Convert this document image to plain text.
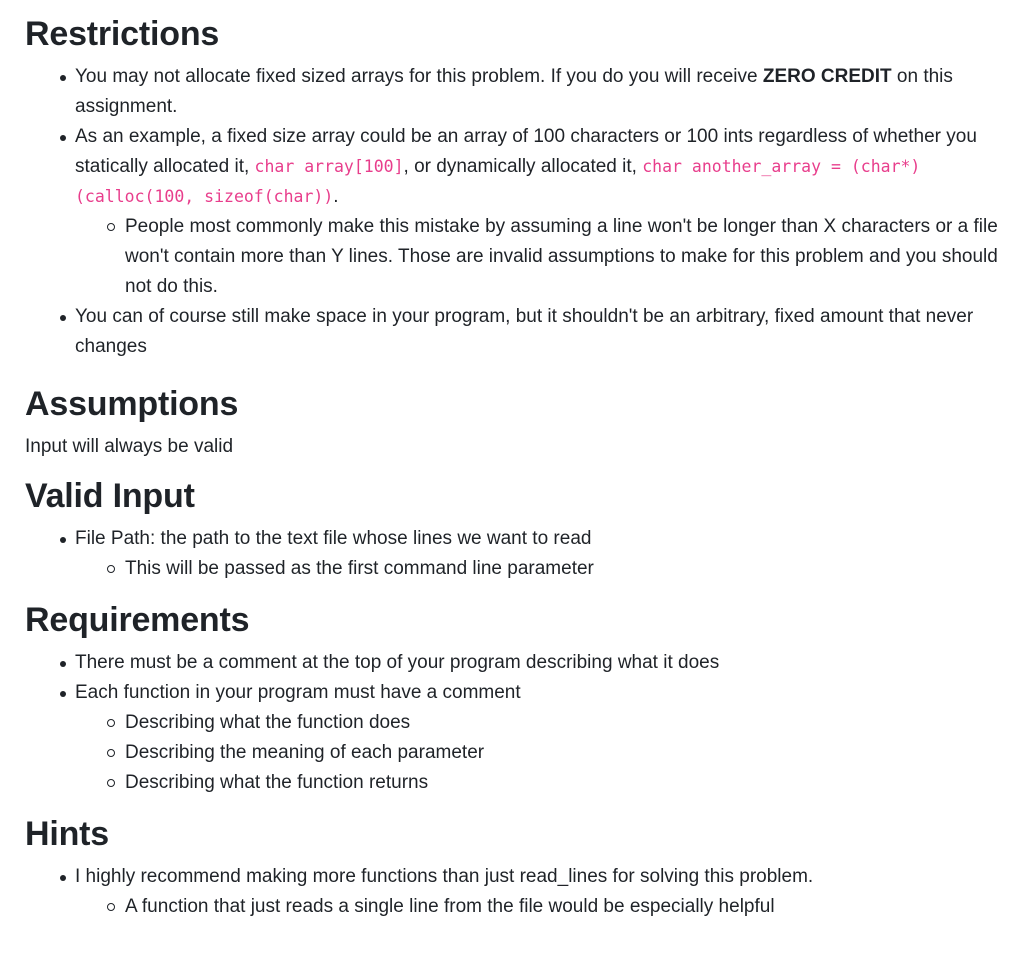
Restrictions
You may not allocate fixed sized arrays for this problem. If you do you will receive ZERO CREDIT on this assignment.
As an example, a fixed size array could be an array of 100 characters or 100 ints regardless of whether you statically allocated it, char array[100], or dynamically allocated it, char another_array = (char*)(calloc(100, sizeof(char)).
People most commonly make this mistake by assuming a line won't be longer than X characters or a file won't contain more than Y lines. Those are invalid assumptions to make for this problem and you should not do this.
You can of course still make space in your program, but it shouldn't be an arbitrary, fixed amount that never changes
Assumptions

Input will always be valid

Valid Input
File Path: the path to the text file whose lines we want to read
This will be passed as the first command line parameter
Requirements
There must be a comment at the top of your program describing what it does
Each function in your program must have a comment
Describing what the function does
Describing the meaning of each parameter
Describing what the function returns
Hints
I highly recommend making more functions than just read_lines for solving this problem.
A function that just reads a single line from the file would be especially helpful
